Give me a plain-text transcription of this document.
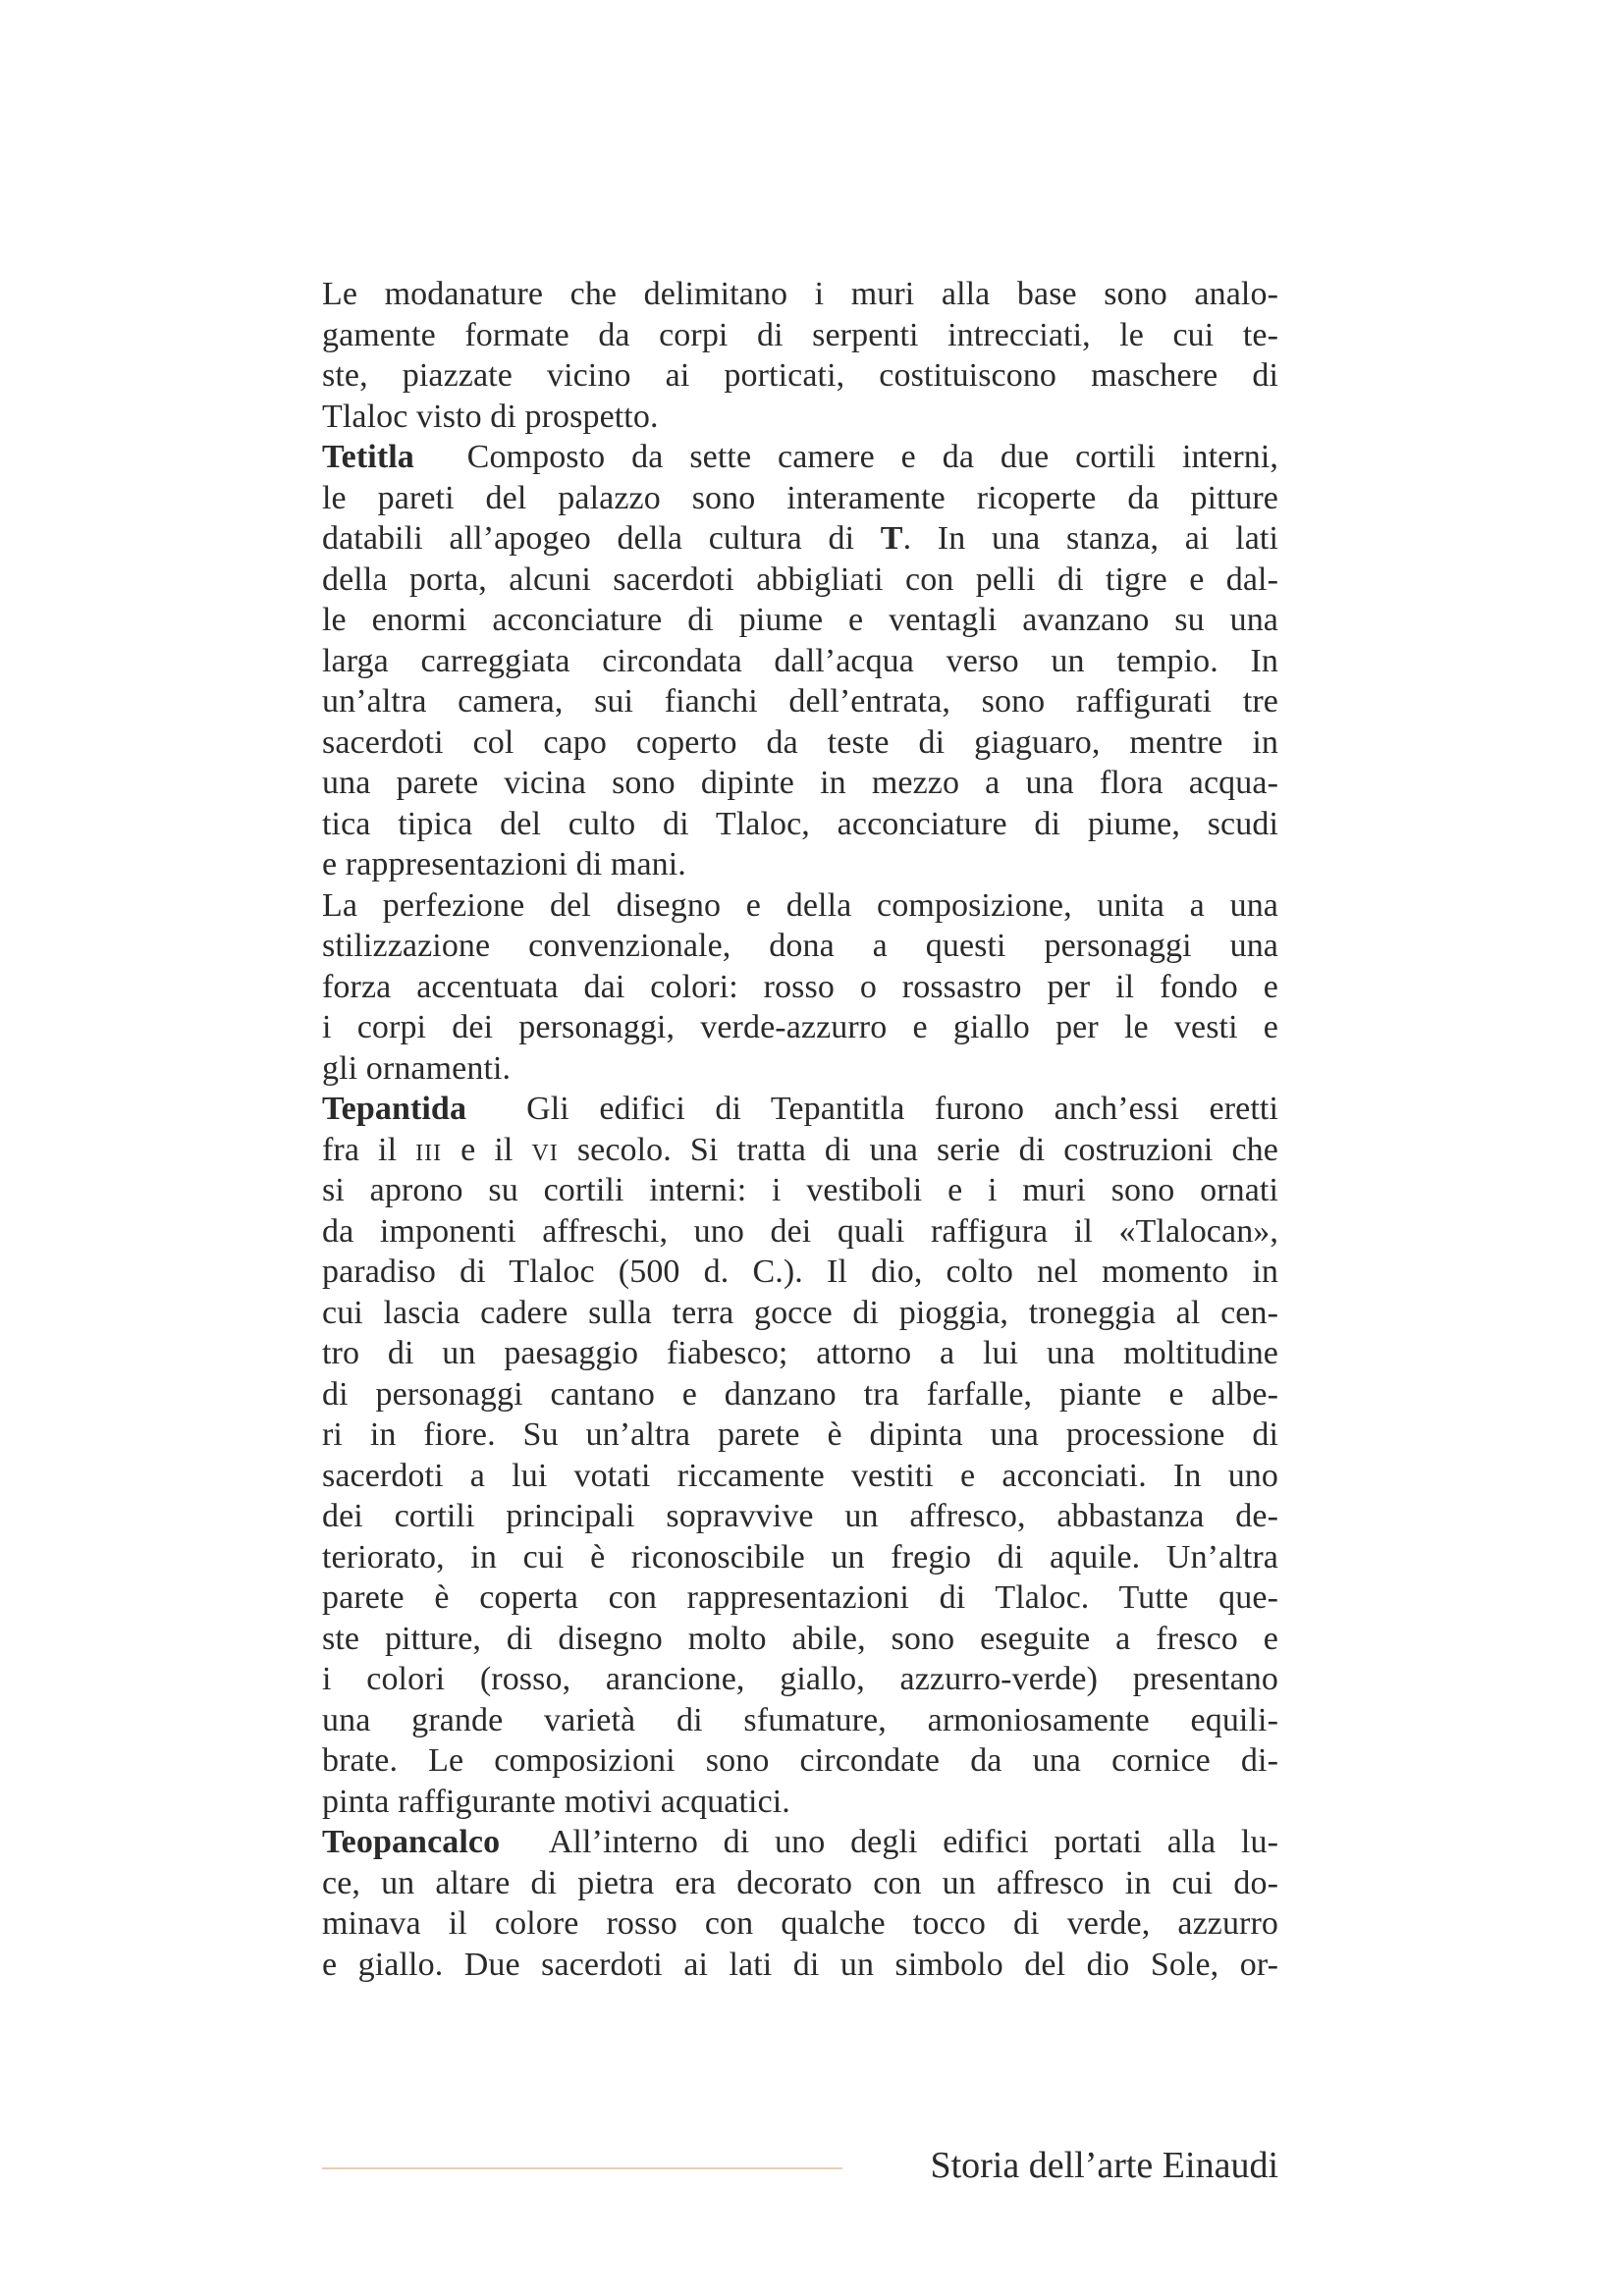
Le modanature che delimitano i muri alla base sono analo-
gamente formate da corpi di serpenti intrecciati, le cui te-
ste, piazzate vicino ai porticati, costituiscono maschere di
Tlaloc visto di prospetto.
Tetitla Composto da sette camere e da due cortili interni,
le pareti del palazzo sono interamente ricoperte da pitture
databili all’apogeo della cultura di T. In una stanza, ai lati
della porta, alcuni sacerdoti abbigliati con pelli di tigre e dal-
le enormi acconciature di piume e ventagli avanzano su una
larga carreggiata circondata dall’acqua verso un tempio. In
un’altra camera, sui fianchi dell’entrata, sono raffigurati tre
sacerdoti col capo coperto da teste di giaguaro, mentre in
una parete vicina sono dipinte in mezzo a una flora acqua-
tica tipica del culto di Tlaloc, acconciature di piume, scudi
e rappresentazioni di mani.
La perfezione del disegno e della composizione, unita a una
stilizzazione convenzionale, dona a questi personaggi una
forza accentuata dai colori: rosso o rossastro per il fondo e
i corpi dei personaggi, verde-azzurro e giallo per le vesti e
gli ornamenti.
Tepantida Gli edifici di Tepantitla furono anch’essi eretti
fra il iii e il vi secolo. Si tratta di una serie di costruzioni che
si aprono su cortili interni: i vestiboli e i muri sono ornati
da imponenti affreschi, uno dei quali raffigura il «Tlalocan»,
paradiso di Tlaloc (500 d. C.). Il dio, colto nel momento in
cui lascia cadere sulla terra gocce di pioggia, troneggia al cen-
tro di un paesaggio fiabesco; attorno a lui una moltitudine
di personaggi cantano e danzano tra farfalle, piante e albe-
ri in fiore. Su un’altra parete è dipinta una processione di
sacerdoti a lui votati riccamente vestiti e acconciati. In uno
dei cortili principali sopravvive un affresco, abbastanza de-
teriorato, in cui è riconoscibile un fregio di aquile. Un’altra
parete è coperta con rappresentazioni di Tlaloc. Tutte que-
ste pitture, di disegno molto abile, sono eseguite a fresco e
i colori (rosso, arancione, giallo, azzurro-verde) presentano
una grande varietà di sfumature, armoniosamente equili-
brate. Le composizioni sono circondate da una cornice di-
pinta raffigurante motivi acquatici.
Teopancalco All’interno di uno degli edifici portati alla lu-
ce, un altare di pietra era decorato con un affresco in cui do-
minava il colore rosso con qualche tocco di verde, azzurro
e giallo. Due sacerdoti ai lati di un simbolo del dio Sole, or-
Storia dell’arte Einaudi
